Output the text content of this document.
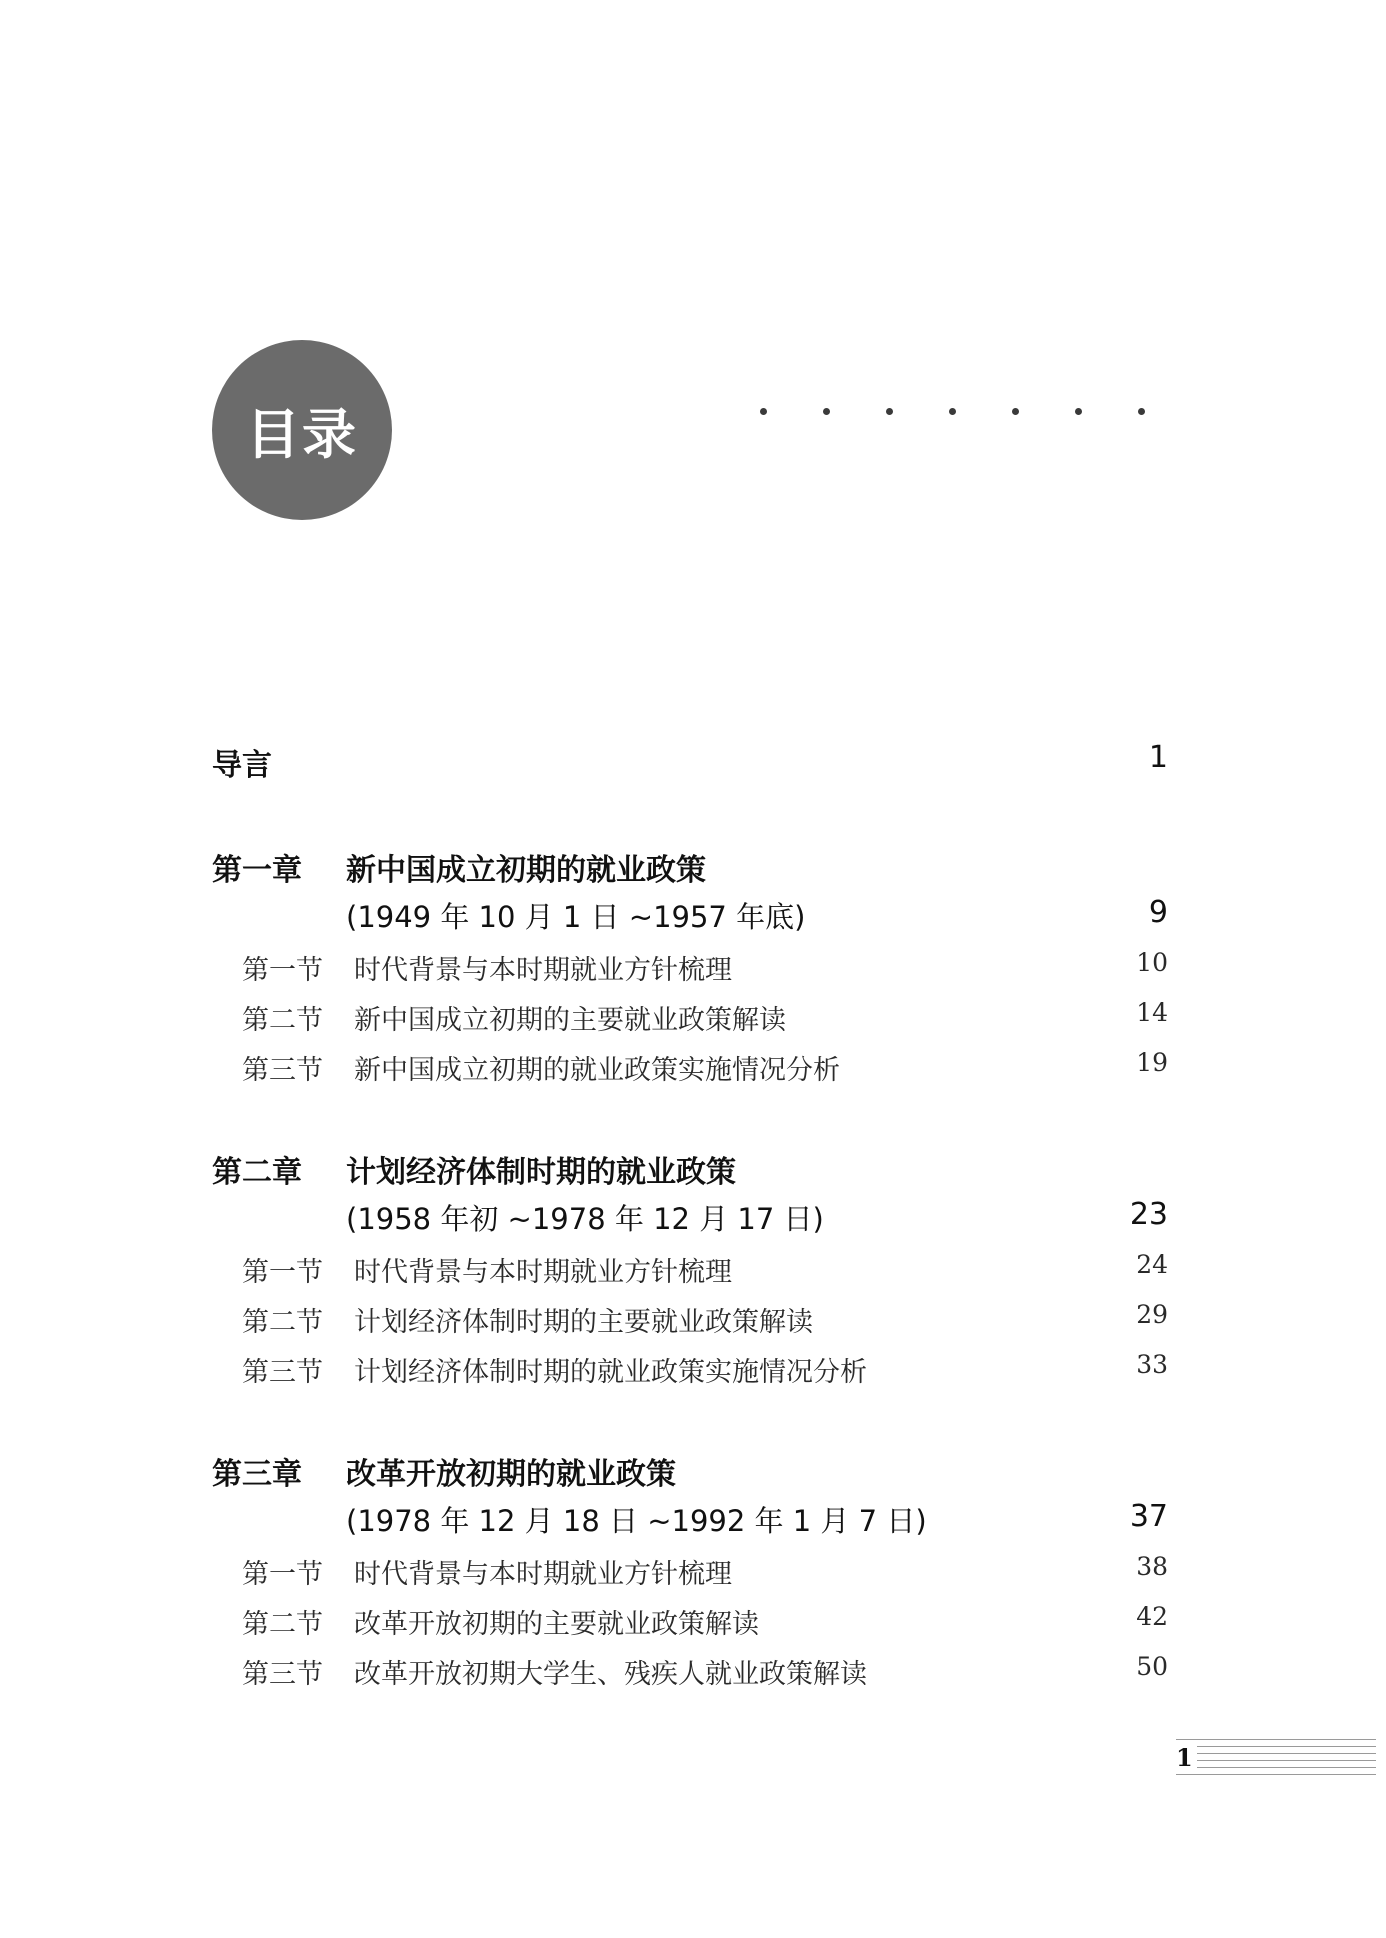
目录
导言	1
第一章 新中国成立初期的就业政策
(1949 年 10 月 1 日 ~1957 年底)	9
第一节 时代背景与本时期就业方针梳理	10
第二节 新中国成立初期的主要就业政策解读	14
第三节 新中国成立初期的就业政策实施情况分析	19
第二章 计划经济体制时期的就业政策
(1958 年初 ~1978 年 12 月 17 日)	23
第一节 时代背景与本时期就业方针梳理	24
第二节 计划经济体制时期的主要就业政策解读	29
第三节 计划经济体制时期的就业政策实施情况分析	33
第三章 改革开放初期的就业政策
(1978 年 12 月 18 日 ~1992 年 1 月 7 日)	37
第一节 时代背景与本时期就业方针梳理	38
第二节 改革开放初期的主要就业政策解读	42
第三节 改革开放初期大学生、残疾人就业政策解读	50
1
